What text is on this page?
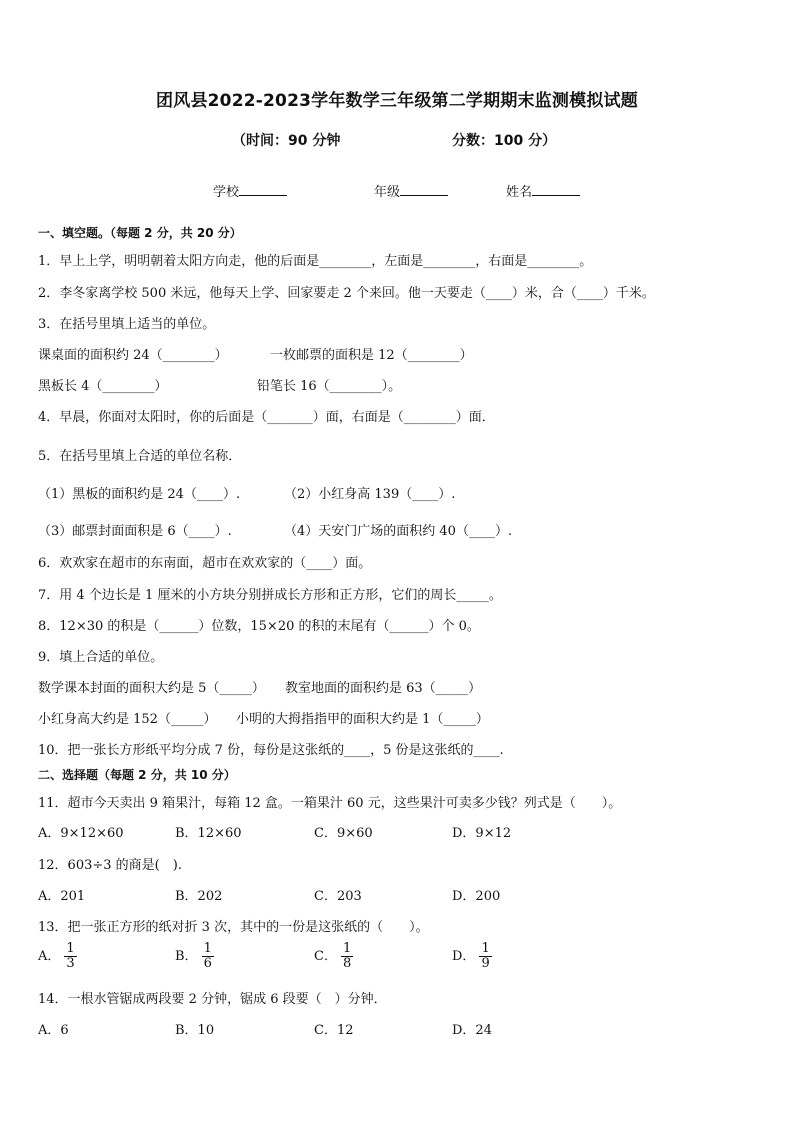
团风县2022-2023学年数学三年级第二学期期末监测模拟试题
（时间：90 分钟	分数：100 分）
学校	年级	姓名
一、填空题。（每题 2 分，共 20 分）
1．早上上学，明明朝着太阳方向走，他的后面是________，左面是________，右面是________。
2．李冬家离学校 500 米远，他每天上学、回家要走 2 个来回。他一天要走（____）米，合（____）千米。
3．在括号里填上适当的单位。
课桌面的面积约 24（________）	一枚邮票的面积是 12（________）
黑板长 4（________）	铅笔长 16（________）。
4．早晨，你面对太阳时，你的后面是（_______）面，右面是（________）面．
5．在括号里填上合适的单位名称．
（1）黑板的面积约是 24（____）.	（2）小红身高 139（____）.
（3）邮票封面面积是 6（____）.	（4）天安门广场的面积约 40（____）.
6．欢欢家在超市的东南面，超市在欢欢家的（____）面。
7．用 4 个边长是 1 厘米的小方块分别拼成长方形和正方形，它们的周长_____。
8．12×30 的积是（______）位数，15×20 的积的末尾有（______）个 0。
9．填上合适的单位。
数学课本封面的面积大约是 5（_____） 教室地面的面积约是 63（_____）
小红身高大约是 152（_____） 小明的大拇指指甲的面积大约是 1（_____）
10．把一张长方形纸平均分成 7 份，每份是这张纸的____，5 份是这张纸的____.
二、选择题（每题 2 分，共 10 分）
11．超市今天卖出 9 箱果汁，每箱 12 盒。一箱果汁 60 元，这些果汁可卖多少钱？列式是（　　）。
A．9×12×60	B．12×60	C．9×60	D．9×12
12．603÷3 的商是(　).
A．201	B．202	C．203	D．200
13．把一张正方形的纸对折 3 次，其中的一份是这张纸的（　　）。
A． $\frac{1}{3}$	B． $\frac{1}{6}$	C． $\frac{1}{8}$	D． $\frac{1}{9}$
14．一根水管锯成两段要 2 分钟，锯成 6 段要（　）分钟．
A．6	B．10	C．12	D．24
